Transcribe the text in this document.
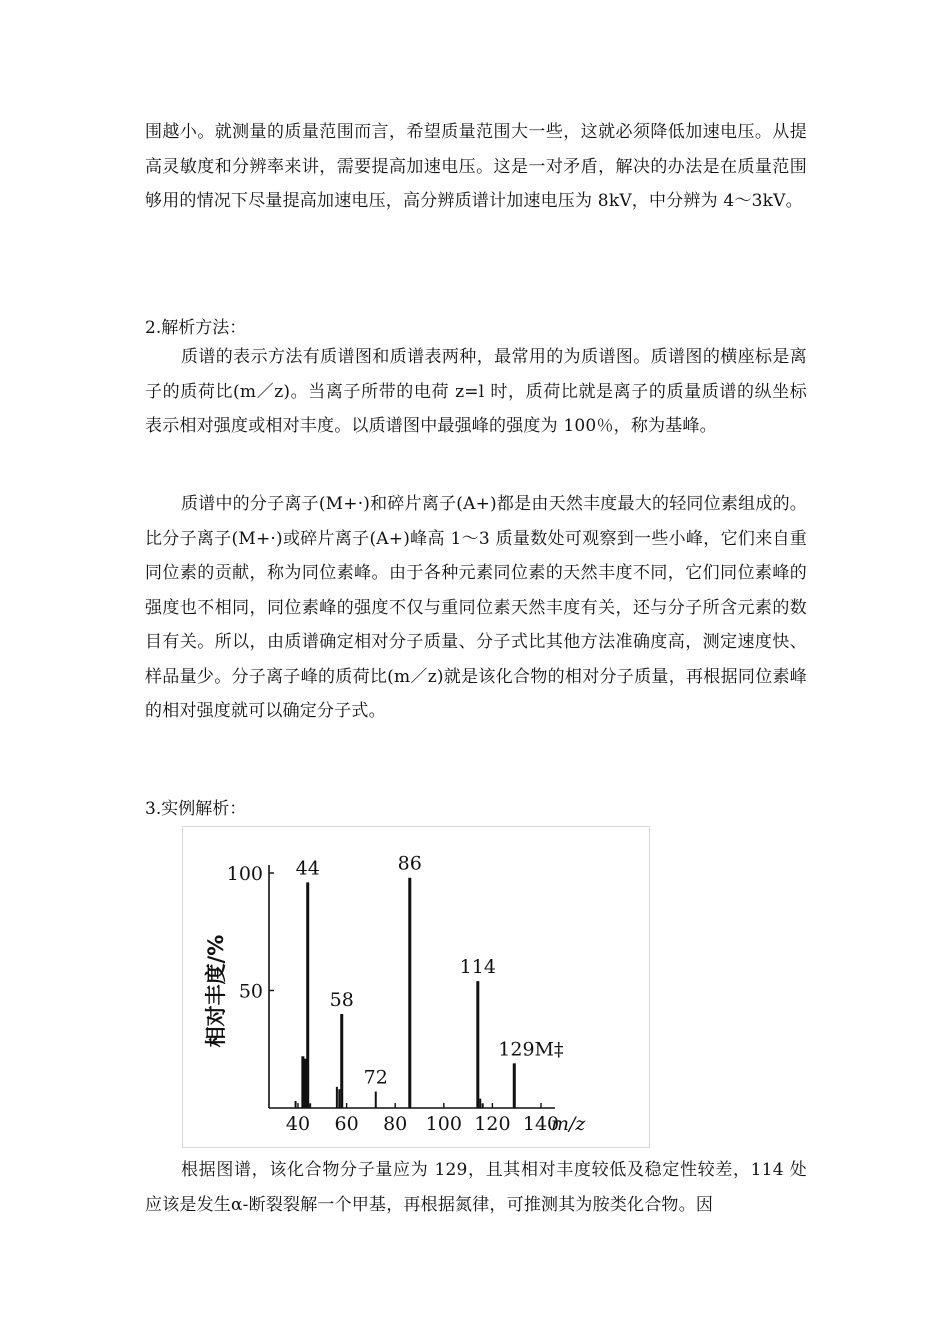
围越小。就测量的质量范围而言，希望质量范围大一些，这就必须降低加速电压。从提高灵敏度和分辨率来讲，需要提高加速电压。这是一对矛盾，解决的办法是在质量范围够用的情况下尽量提高加速电压，高分辨质谱计加速电压为 8kV，中分辨为 4～3kV。

2.解析方法：

质谱的表示方法有质谱图和质谱表两种，最常用的为质谱图。质谱图的横座标是离子的质荷比(m／z)。当离子所带的电荷 z=l 时，质荷比就是离子的质量质谱的纵坐标表示相对强度或相对丰度。以质谱图中最强峰的强度为 100％，称为基峰。

质谱中的分子离子(M+·)和碎片离子(A+)都是由天然丰度最大的轻同位素组成的。比分子离子(M+·)或碎片离子(A+)峰高 1～3 质量数处可观察到一些小峰，它们来自重同位素的贡献，称为同位素峰。由于各种元素同位素的天然丰度不同，它们同位素峰的强度也不相同，同位素峰的强度不仅与重同位素天然丰度有关，还与分子所含元素的数目有关。所以，由质谱确定相对分子质量、分子式比其他方法准确度高，测定速度快、样品量少。分子离子峰的质荷比(m／z)就是该化合物的相对分子质量，再根据同位素峰的相对强度就可以确定分子式。

3.实例解析：

50
100
40 60 80 100 120 140
m/z
相对丰度/%
44
58
72
86
114
129M‡

根据图谱，该化合物分子量应为 129，且其相对丰度较低及稳定性较差，114 处应该是发生α-断裂裂解一个甲基，再根据氮律，可推测其为胺类化合物。因
